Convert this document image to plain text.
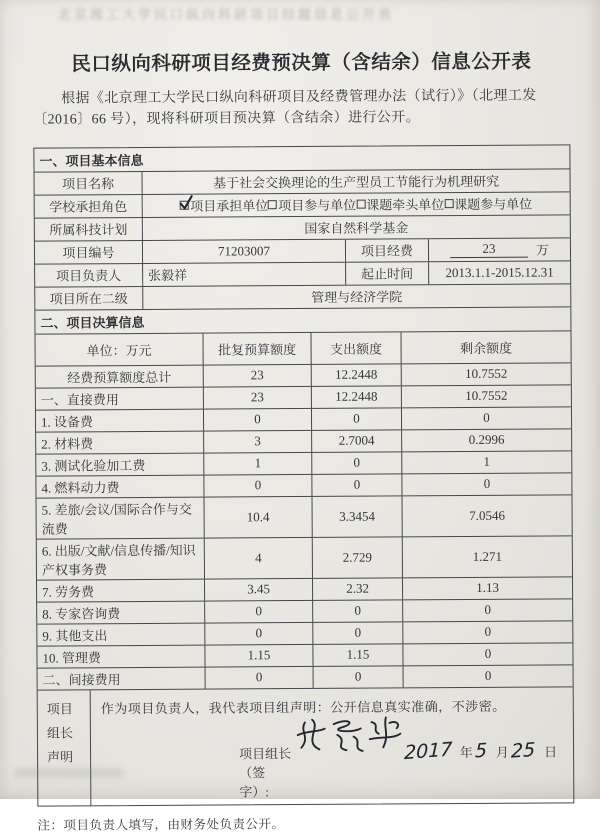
北京理工大学民口纵向科研项目结题信息公开表
民口纵向科研项目经费预决算（含结余）信息公开表
根据《北京理工大学民口纵向科研项目及经费管理办法（试行）》（北理工发〔2016〕66 号），现将科研项目预决算（含结余）进行公开。
一、项目基本信息
项目名称	基于社会交换理论的生产型员工节能行为机理研究
学校承担角色	项目承担单位 项目参与单位 课题牵头单位 课题参与单位
所属科技计划	国家自然科学基金
项目编号	71203007	项目经费	23	万
项目负责人	张毅祥	起止时间	2013.1.1-2015.12.31
项目所在二级	管理与经济学院
二、项目决算信息
单位：万元	批复预算额度	支出额度	剩余额度
经费预算额度总计	23	12.2448	10.7552
一、直接费用	23	12.2448	10.7552
1. 设备费	0	0	0
2. 材料费	3	2.7004	0.2996
3. 测试化验加工费	1	0	1
4. 燃料动力费	0	0	0
5. 差旅/会议/国际合作与交流费
10.4	3.3454	7.0546
6. 出版/文献/信息传播/知识产权事务费
4	2.729	1.271
7. 劳务费	3.45	2.32	1.13
8. 专家咨询费	0	0	0
9. 其他支出	0	0	0
10. 管理费	1.15	1.15	0
二、间接费用	0	0	0
项目
组长
声明
作为项目负责人，我代表项目组声明：公开信息真实准确，不涉密。
项目组长（签字）:
2017 年 5 月 25 日
注：项目负责人填写，由财务处负责公开。
